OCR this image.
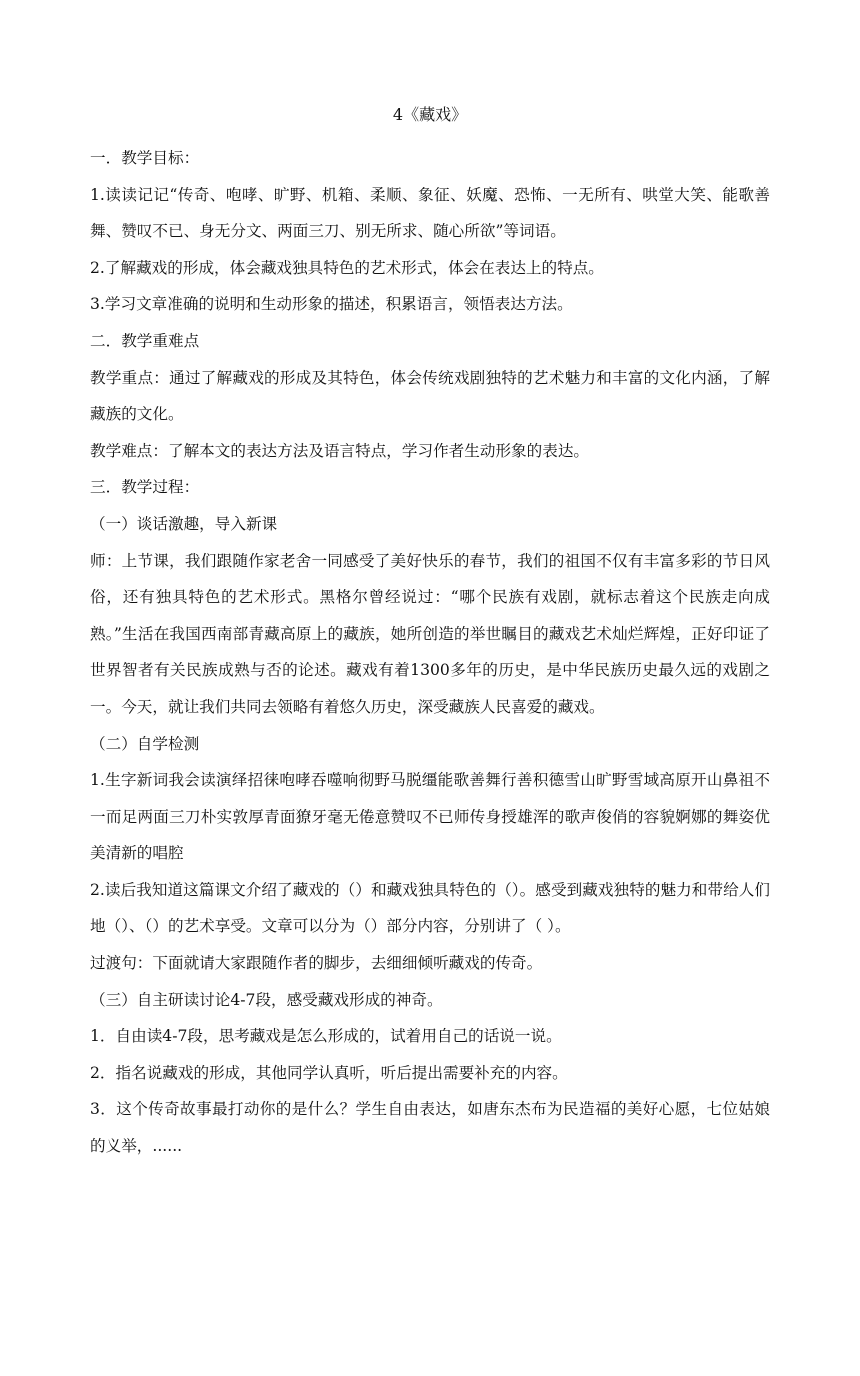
4《藏戏》

一．教学目标：

1.读读记记“传奇、咆哮、旷野、机箱、柔顺、象征、妖魔、恐怖、一无所有、哄堂大笑、能歌善舞、赞叹不已、身无分文、两面三刀、别无所求、随心所欲”等词语。

2.了解藏戏的形成，体会藏戏独具特色的艺术形式，体会在表达上的特点。

3.学习文章准确的说明和生动形象的描述，积累语言，领悟表达方法。

二．教学重难点

教学重点：通过了解藏戏的形成及其特色，体会传统戏剧独特的艺术魅力和丰富的文化内涵，了解藏族的文化。

教学难点：了解本文的表达方法及语言特点，学习作者生动形象的表达。

三．教学过程：

（一）谈话激趣，导入新课

师：上节课，我们跟随作家老舍一同感受了美好快乐的春节，我们的祖国不仅有丰富多彩的节日风俗，还有独具特色的艺术形式。黑格尔曾经说过：“哪个民族有戏剧，就标志着这个民族走向成熟。”生活在我国西南部青藏高原上的藏族，她所创造的举世瞩目的藏戏艺术灿烂辉煌，正好印证了世界智者有关民族成熟与否的论述。藏戏有着1300多年的历史，是中华民族历史最久远的戏剧之一。今天，就让我们共同去领略有着悠久历史，深受藏族人民喜爱的藏戏。

（二）自学检测

1.生字新词我会读演绎招徕咆哮吞噬响彻野马脱缰能歌善舞行善积德雪山旷野雪域高原开山鼻祖不一而足两面三刀朴实敦厚青面獠牙毫无倦意赞叹不已师传身授雄浑的歌声俊俏的容貌婀娜的舞姿优美清新的唱腔

2.读后我知道这篇课文介绍了藏戏的（）和藏戏独具特色的（）。感受到藏戏独特的魅力和带给人们地（）、（）的艺术享受。文章可以分为（）部分内容，分别讲了（ ）。

过渡句：下面就请大家跟随作者的脚步，去细细倾听藏戏的传奇。

（三）自主研读讨论4-7段，感受藏戏形成的神奇。

1．自由读4-7段，思考藏戏是怎么形成的，试着用自己的话说一说。

2．指名说藏戏的形成，其他同学认真听，听后提出需要补充的内容。

3．这个传奇故事最打动你的是什么？学生自由表达，如唐东杰布为民造福的美好心愿，七位姑娘的义举，......
